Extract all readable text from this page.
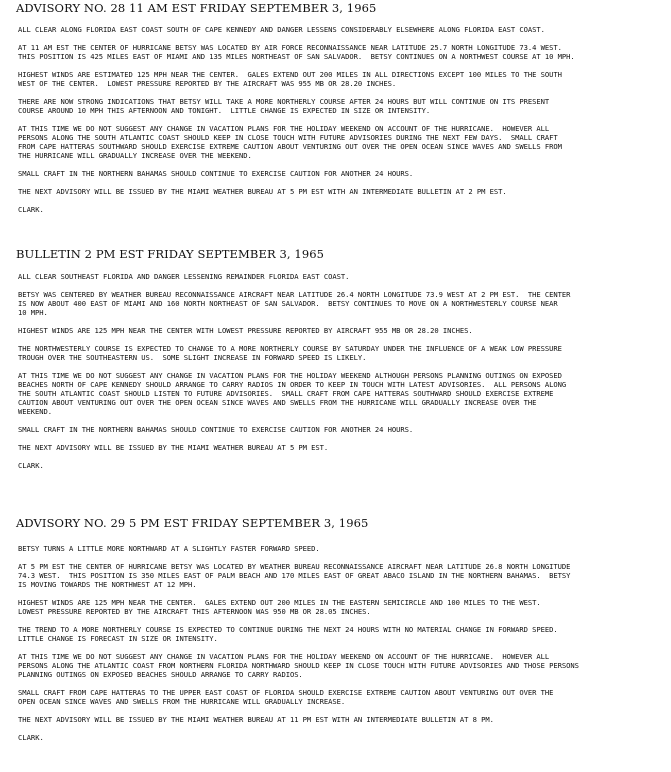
ADVISORY NO. 28 11 AM EST FRIDAY SEPTEMBER 3, 1965

ALL CLEAR ALONG FLORIDA EAST COAST SOUTH OF CAPE KENNEDY AND DANGER LESSENS CONSIDERABLY ELSEWHERE ALONG FLORIDA EAST COAST.

AT 11 AM EST THE CENTER OF HURRICANE BETSY WAS LOCATED BY AIR FORCE RECONNAISSANCE NEAR LATITUDE 25.7 NORTH LONGITUDE 73.4 WEST.
THIS POSITION IS 425 MILES EAST OF MIAMI AND 135 MILES NORTHEAST OF SAN SALVADOR.  BETSY CONTINUES ON A NORTHWEST COURSE AT 10 MPH.

HIGHEST WINDS ARE ESTIMATED 125 MPH NEAR THE CENTER.  GALES EXTEND OUT 200 MILES IN ALL DIRECTIONS EXCEPT 100 MILES TO THE SOUTH
WEST OF THE CENTER.  LOWEST PRESSURE REPORTED BY THE AIRCRAFT WAS 955 MB OR 28.20 INCHES.

THERE ARE NOW STRONG INDICATIONS THAT BETSY WILL TAKE A MORE NORTHERLY COURSE AFTER 24 HOURS BUT WILL CONTINUE ON ITS PRESENT
COURSE AROUND 10 MPH THIS AFTERNOON AND TONIGHT.  LITTLE CHANGE IS EXPECTED IN SIZE OR INTENSITY.

AT THIS TIME WE DO NOT SUGGEST ANY CHANGE IN VACATION PLANS FOR THE HOLIDAY WEEKEND ON ACCOUNT OF THE HURRICANE.  HOWEVER ALL
PERSONS ALONG THE SOUTH ATLANTIC COAST SHOULD KEEP IN CLOSE TOUCH WITH FUTURE ADVISORIES DURING THE NEXT FEW DAYS.  SMALL CRAFT
FROM CAPE HATTERAS SOUTHWARD SHOULD EXERCISE EXTREME CAUTION ABOUT VENTURING OUT OVER THE OPEN OCEAN SINCE WAVES AND SWELLS FROM
THE HURRICANE WILL GRADUALLY INCREASE OVER THE WEEKEND.

SMALL CRAFT IN THE NORTHERN BAHAMAS SHOULD CONTINUE TO EXERCISE CAUTION FOR ANOTHER 24 HOURS.

THE NEXT ADVISORY WILL BE ISSUED BY THE MIAMI WEATHER BUREAU AT 5 PM EST WITH AN INTERMEDIATE BULLETIN AT 2 PM EST.

CLARK.

BULLETIN 2 PM EST FRIDAY SEPTEMBER 3, 1965

ALL CLEAR SOUTHEAST FLORIDA AND DANGER LESSENING REMAINDER FLORIDA EAST COAST.

BETSY WAS CENTERED BY WEATHER BUREAU RECONNAISSANCE AIRCRAFT NEAR LATITUDE 26.4 NORTH LONGITUDE 73.9 WEST AT 2 PM EST.  THE CENTER
IS NOW ABOUT 400 EAST OF MIAMI AND 160 NORTH NORTHEAST OF SAN SALVADOR.  BETSY CONTINUES TO MOVE ON A NORTHWESTERLY COURSE NEAR
10 MPH.

HIGHEST WINDS ARE 125 MPH NEAR THE CENTER WITH LOWEST PRESSURE REPORTED BY AIRCRAFT 955 MB OR 28.20 INCHES.

THE NORTHWESTERLY COURSE IS EXPECTED TO CHANGE TO A MORE NORTHERLY COURSE BY SATURDAY UNDER THE INFLUENCE OF A WEAK LOW PRESSURE
TROUGH OVER THE SOUTHEASTERN US.  SOME SLIGHT INCREASE IN FORWARD SPEED IS LIKELY.

AT THIS TIME WE DO NOT SUGGEST ANY CHANGE IN VACATION PLANS FOR THE HOLIDAY WEEKEND ALTHOUGH PERSONS PLANNING OUTINGS ON EXPOSED
BEACHES NORTH OF CAPE KENNEDY SHOULD ARRANGE TO CARRY RADIOS IN ORDER TO KEEP IN TOUCH WITH LATEST ADVISORIES.  ALL PERSONS ALONG
THE SOUTH ATLANTIC COAST SHOULD LISTEN TO FUTURE ADVISORIES.  SMALL CRAFT FROM CAPE HATTERAS SOUTHWARD SHOULD EXERCISE EXTREME
CAUTION ABOUT VENTURING OUT OVER THE OPEN OCEAN SINCE WAVES AND SWELLS FROM THE HURRICANE WILL GRADUALLY INCREASE OVER THE
WEEKEND.

SMALL CRAFT IN THE NORTHERN BAHAMAS SHOULD CONTINUE TO EXERCISE CAUTION FOR ANOTHER 24 HOURS.

THE NEXT ADVISORY WILL BE ISSUED BY THE MIAMI WEATHER BUREAU AT 5 PM EST.

CLARK.

ADVISORY NO. 29 5 PM EST FRIDAY SEPTEMBER 3, 1965

BETSY TURNS A LITTLE MORE NORTHWARD AT A SLIGHTLY FASTER FORWARD SPEED.

AT 5 PM EST THE CENTER OF HURRICANE BETSY WAS LOCATED BY WEATHER BUREAU RECONNAISSANCE AIRCRAFT NEAR LATITUDE 26.8 NORTH LONGITUDE
74.3 WEST.  THIS POSITION IS 350 MILES EAST OF PALM BEACH AND 170 MILES EAST OF GREAT ABACO ISLAND IN THE NORTHERN BAHAMAS.  BETSY
IS MOVING TOWARDS THE NORTHWEST AT 12 MPH.

HIGHEST WINDS ARE 125 MPH NEAR THE CENTER.  GALES EXTEND OUT 200 MILES IN THE EASTERN SEMICIRCLE AND 100 MILES TO THE WEST.
LOWEST PRESSURE REPORTED BY THE AIRCRAFT THIS AFTERNOON WAS 950 MB OR 28.05 INCHES.

THE TREND TO A MORE NORTHERLY COURSE IS EXPECTED TO CONTINUE DURING THE NEXT 24 HOURS WITH NO MATERIAL CHANGE IN FORWARD SPEED.
LITTLE CHANGE IS FORECAST IN SIZE OR INTENSITY.

AT THIS TIME WE DO NOT SUGGEST ANY CHANGE IN VACATION PLANS FOR THE HOLIDAY WEEKEND ON ACCOUNT OF THE HURRICANE.  HOWEVER ALL
PERSONS ALONG THE ATLANTIC COAST FROM NORTHERN FLORIDA NORTHWARD SHOULD KEEP IN CLOSE TOUCH WITH FUTURE ADVISORIES AND THOSE PERSONS
PLANNING OUTINGS ON EXPOSED BEACHES SHOULD ARRANGE TO CARRY RADIOS.

SMALL CRAFT FROM CAPE HATTERAS TO THE UPPER EAST COAST OF FLORIDA SHOULD EXERCISE EXTREME CAUTION ABOUT VENTURING OUT OVER THE
OPEN OCEAN SINCE WAVES AND SWELLS FROM THE HURRICANE WILL GRADUALLY INCREASE.

THE NEXT ADVISORY WILL BE ISSUED BY THE MIAMI WEATHER BUREAU AT 11 PM EST WITH AN INTERMEDIATE BULLETIN AT 8 PM.

CLARK.
